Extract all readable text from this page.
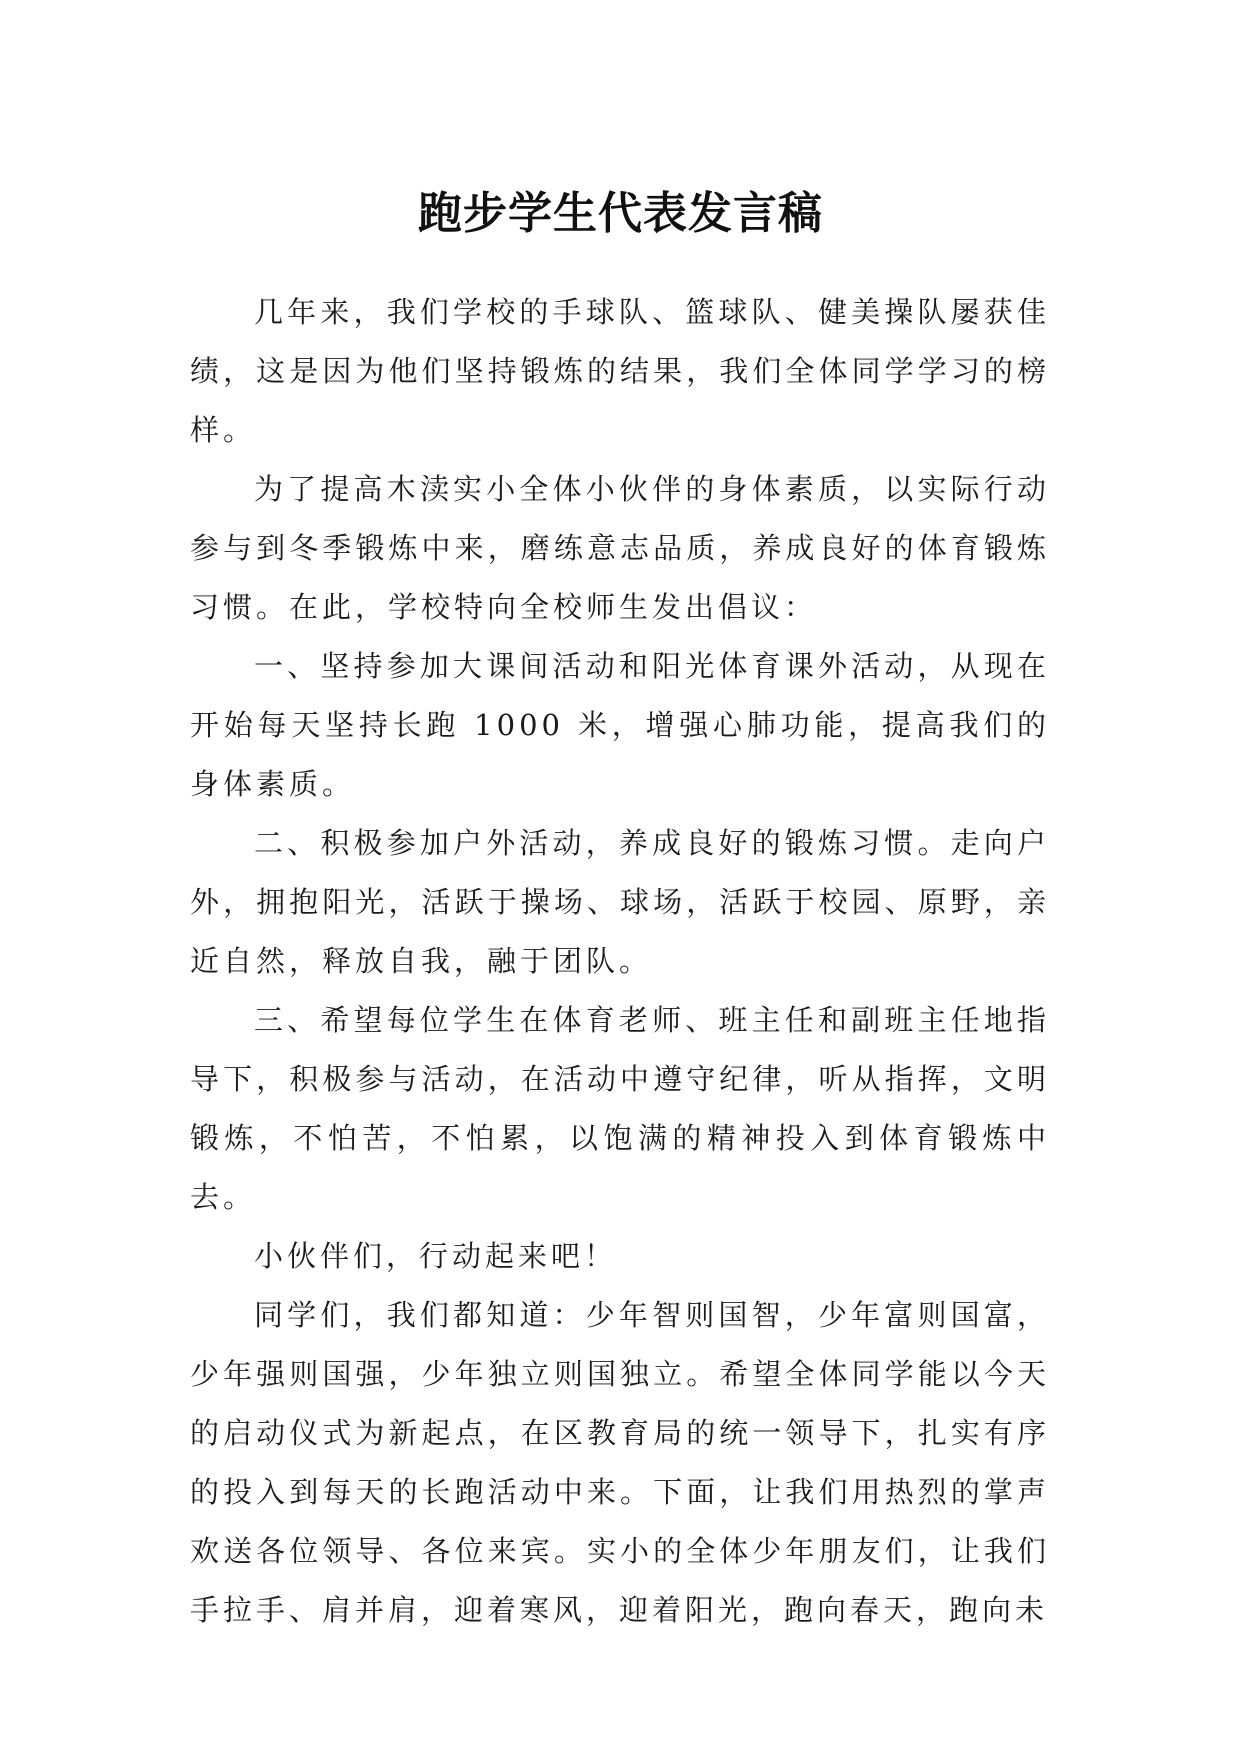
跑步学生代表发言稿

几年来，我们学校的手球队、篮球队、健美操队屡获佳绩，这是因为他们坚持锻炼的结果，我们全体同学学习的榜样。

为了提高木渎实小全体小伙伴的身体素质，以实际行动参与到冬季锻炼中来，磨练意志品质，养成良好的体育锻炼习惯。在此，学校特向全校师生发出倡议：

一、坚持参加大课间活动和阳光体育课外活动，从现在开始每天坚持长跑 1000 米，增强心肺功能，提高我们的身体素质。

二、积极参加户外活动，养成良好的锻炼习惯。走向户外，拥抱阳光，活跃于操场、球场，活跃于校园、原野，亲近自然，释放自我，融于团队。

三、希望每位学生在体育老师、班主任和副班主任地指导下，积极参与活动，在活动中遵守纪律，听从指挥，文明锻炼，不怕苦，不怕累，以饱满的精神投入到体育锻炼中去。

小伙伴们，行动起来吧！

同学们，我们都知道：少年智则国智，少年富则国富，少年强则国强，少年独立则国独立。希望全体同学能以今天的启动仪式为新起点，在区教育局的统一领导下，扎实有序的投入到每天的长跑活动中来。下面，让我们用热烈的掌声欢送各位领导、各位来宾。实小的全体少年朋友们，让我们手拉手、肩并肩，迎着寒风，迎着阳光，跑向春天，跑向未
